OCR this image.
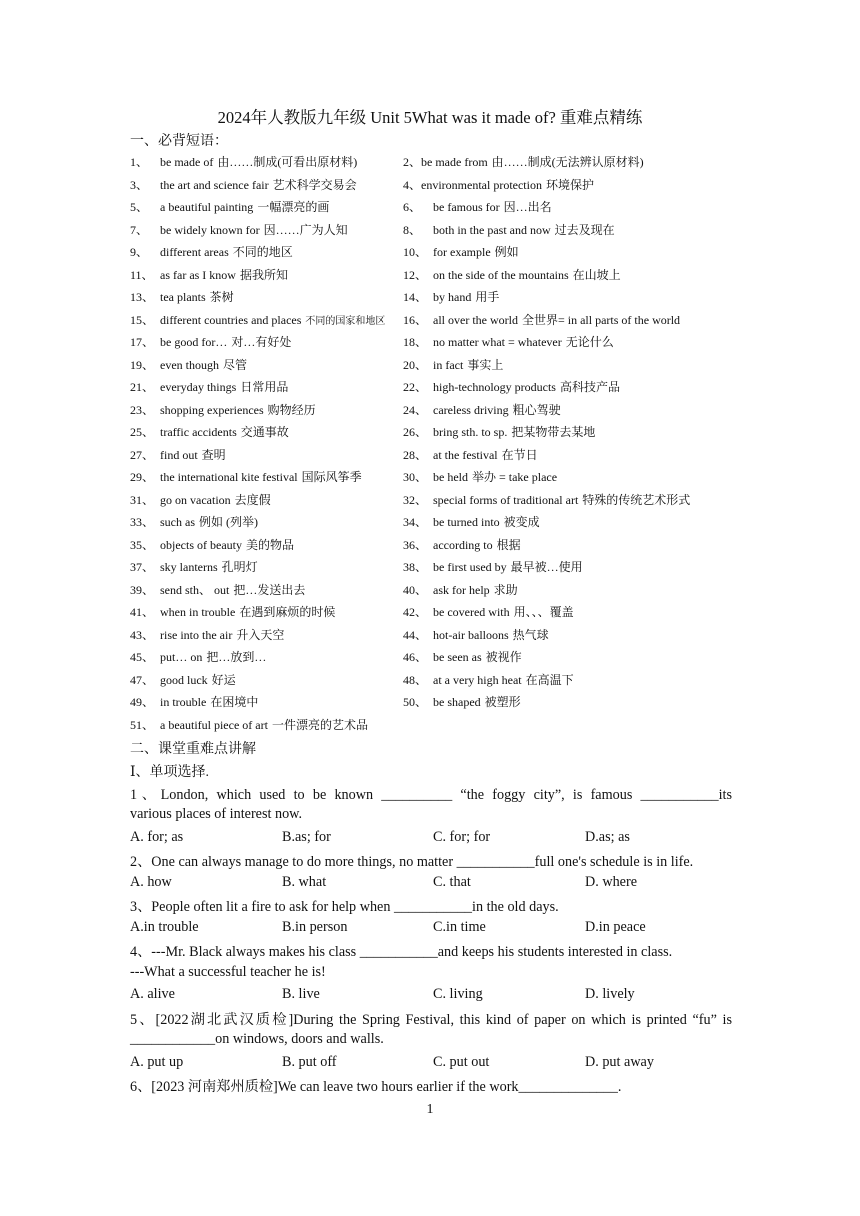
2024年人教版九年级 Unit 5What was it made of? 重难点精练
一、必背短语：
1、 be made of 由……制成(可看出原材料)	2、be made from 由……制成(无法辨认原材料)
3、 the art and science fair 艺术科学交易会	4、environmental protection 环境保护
5、 a beautiful painting 一幅漂亮的画	6、 be famous for 因…出名
7、 be widely known for 因……广为人知	8、 both in the past and now 过去及现在
9、 different areas 不同的地区	10、 for example 例如
11、 as far as I know 据我所知	12、 on the side of the mountains 在山坡上
13、 tea plants 茶树	14、 by hand 用手
15、 different countries and places 不同的国家和地区 16、 all over the world 全世界= in all parts of the world
17、 be good for… 对…有好处	18、 no matter what = whatever 无论什么
19、 even though 尽管	20、 in fact 事实上
21、 everyday things 日常用品	22、 high-technology products 高科技产品
23、 shopping experiences 购物经历	24、 careless driving 粗心驾驶
25、 traffic accidents 交通事故	26、 bring sth. to sp. 把某物带去某地
27、 find out 查明	28、 at the festival 在节日
29、 the international kite festival 国际风筝季	30、 be held 举办 = take place
31、 go on vacation 去度假	32、 special forms of traditional art 特殊的传统艺术形式
33、 such as 例如 (列举)	34、 be turned into 被变成
35、 objects of beauty 美的物品	36、 according to 根据
37、 sky lanterns 孔明灯	38、 be first used by 最早被…使用
39、 send sth、 out 把…发送出去	40、 ask for help 求助
41、 when in trouble 在遇到麻烦的时候	42、 be covered with 用、、、覆盖
43、 rise into the air 升入天空	44、 hot-air balloons 热气球
45、 put… on 把…放到…	46、 be seen as 被视作
47、 good luck 好运	48、 at a very high heat 在高温下
49、 in trouble 在困境中	50、 be shaped 被塑形
51、 a beautiful piece of art 一件漂亮的艺术品
二、课堂重难点讲解
Ⅰ、单项选择.
1、London, which used to be known __________ “the foggy city”, is famous ___________its
various places of interest now.
A. for; as	B.as; for	C. for; for	D.as; as
2、One can always manage to do more things, no matter ___________full one's schedule is in life.
A. how	B. what	C. that	D. where
3、People often lit a fire to ask for help when ___________in the old days.
A.in trouble	B.in person	C.in time	D.in peace
4、---Mr. Black always makes his class ___________and keeps his students interested in class.
---What a successful teacher he is!
A. alive	B. live	C. living	D. lively
5、[2022湖北武汉质检]During the Spring Festival, this kind of paper on which is printed “fu” is
____________on windows, doors and walls.
A. put up	B. put off	C. put out	D. put away
6、[2023 河南郑州质检]We can leave two hours earlier if the work______________.
1
